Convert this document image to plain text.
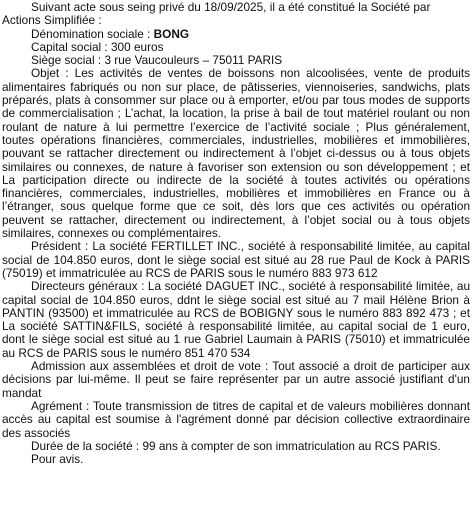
Suivant acte sous seing privé du 18/09/2025, il a été constitué la Société par Actions Simplifiée :

Dénomination sociale : BONG

Capital social : 300 euros

Siège social : 3 rue Vaucouleurs – 75011 PARIS

Objet : Les activités de ventes de boissons non alcoolisées, vente de produits alimentaires fabriqués ou non sur place, de pâtisseries, viennoiseries, sandwichs, plats préparés, plats à consommer sur place ou à emporter, et/ou par tous modes de supports de commercialisation ; L’achat, la location, la prise à bail de tout matériel roulant ou non roulant de nature à lui permettre l’exercice de l’activité sociale ; Plus généralement, toutes opérations financières, commerciales, industrielles, mobilières et immobilières, pouvant se rattacher directement ou indirectement à l’objet ci-dessus ou à tous objets similaires ou connexes, de nature à favoriser son extension ou son développement ; et La participation directe ou indirecte de la société à toutes activités ou opérations financières, commerciales, industrielles, mobilières et immobilières en France ou à l’étranger, sous quelque forme que ce soit, dès lors que ces activités ou opération peuvent se rattacher, directement ou indirectement, à l’objet social ou à tous objets similaires, connexes ou complémentaires.

Président : La société FERTILLET INC., société à responsabilité limitée, au capital social de 104.850 euros, dont le siège social est situé au 28 rue Paul de Kock à PARIS (75019) et immatriculée au RCS de PARIS sous le numéro 883 973 612

Directeurs généraux : La société DAGUET INC., société à responsabilité limitée, au capital social de 104.850 euros, ddnt le siège social est situé au 7 mail Hélène Brion à PANTIN (93500) et immatriculée au RCS de BOBIGNY sous le numéro 883 892 473 ; et La société SATTIN&FILS, société à responsabilité limitée, au capital social de 1 euro, dont le siège social est situé au 1 rue Gabriel Laumain à PARIS (75010) et immatriculée au RCS de PARIS sous le numéro 851 470 534

Admission aux assemblées et droit de vote : Tout associé a droit de participer aux décisions par lui-même. Il peut se faire représenter par un autre associé justifiant d'un mandat

Agrément : Toute transmission de titres de capital et de valeurs mobilières donnant accès au capital est soumise à l'agrément donné par décision collective extraordinaire des associés

Durée de la société : 99 ans à compter de son immatriculation au RCS PARIS.

Pour avis.
